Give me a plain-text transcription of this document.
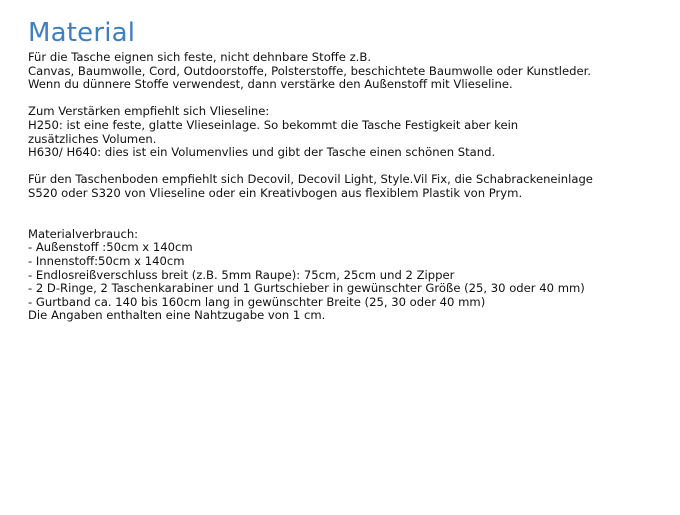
Material
Für die Tasche eignen sich feste, nicht dehnbare Stoffe z.B.
Canvas, Baumwolle, Cord, Outdoorstoffe, Polsterstoffe, beschichtete Baumwolle oder Kunstleder.
Wenn du dünnere Stoffe verwendest, dann verstärke den Außenstoff mit Vlieseline.
Zum Verstärken empfiehlt sich Vlieseline:
H250: ist eine feste, glatte Vlieseinlage. So bekommt die Tasche Festigkeit aber kein
zusätzliches Volumen.
H630/ H640: dies ist ein Volumenvlies und gibt der Tasche einen schönen Stand.
Für den Taschenboden empfiehlt sich Decovil, Decovil Light, Style.Vil Fix, die Schabrackeneinlage
S520 oder S320 von Vlieseline oder ein Kreativbogen aus flexiblem Plastik von Prym.
Materialverbrauch:
- Außenstoff :50cm x 140cm
- Innenstoff:50cm x 140cm
- Endlosreißverschluss breit (z.B. 5mm Raupe): 75cm, 25cm und 2 Zipper
- 2 D-Ringe, 2 Taschenkarabiner und 1 Gurtschieber in gewünschter Größe (25, 30 oder 40 mm)
- Gurtband ca. 140 bis 160cm lang in gewünschter Breite (25, 30 oder 40 mm)
Die Angaben enthalten eine Nahtzugabe von 1 cm.
